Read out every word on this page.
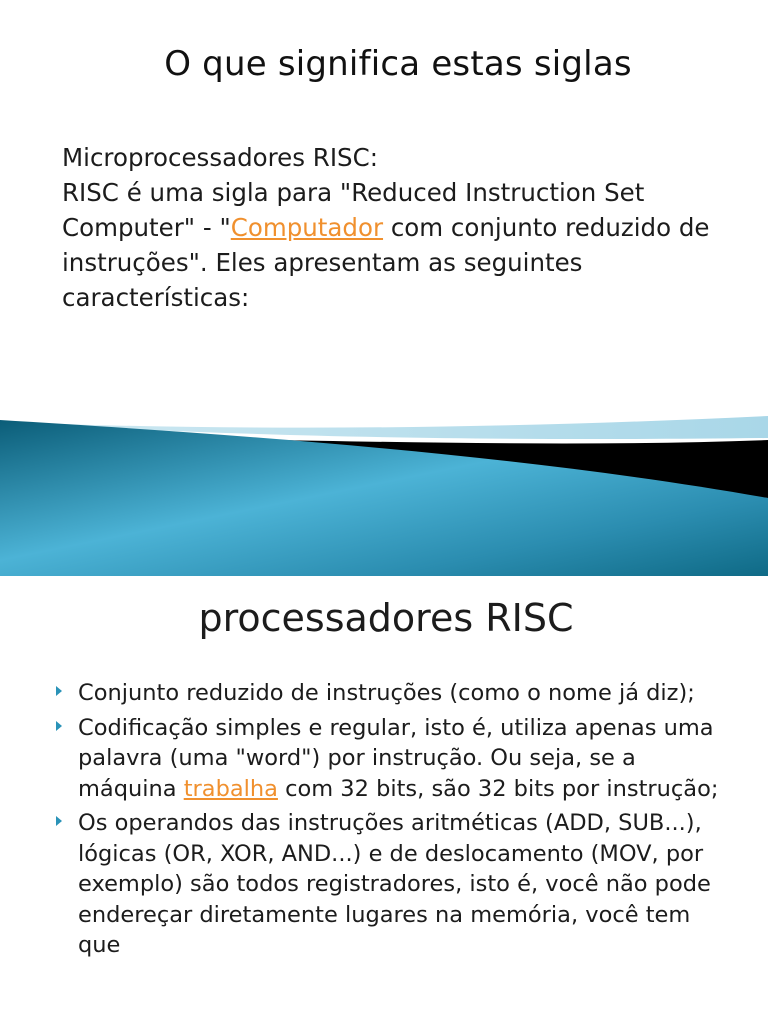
O que significa estas siglas

Microprocessadores RISC:

RISC é uma sigla para "Reduced Instruction Set Computer" - "Computador com conjunto reduzido de instruções". Eles apresentam as seguintes características:

processadores RISC
Conjunto reduzido de instruções (como o nome já diz);
Codificação simples e regular, isto é, utiliza apenas uma palavra (uma "word") por instrução. Ou seja, se a máquina trabalha com 32 bits, são 32 bits por instrução;
Os operandos das instruções aritméticas (ADD, SUB...), lógicas (OR, XOR, AND...) e de deslocamento (MOV, por exemplo) são todos registradores, isto é, você não pode endereçar diretamente lugares na memória, você tem que
